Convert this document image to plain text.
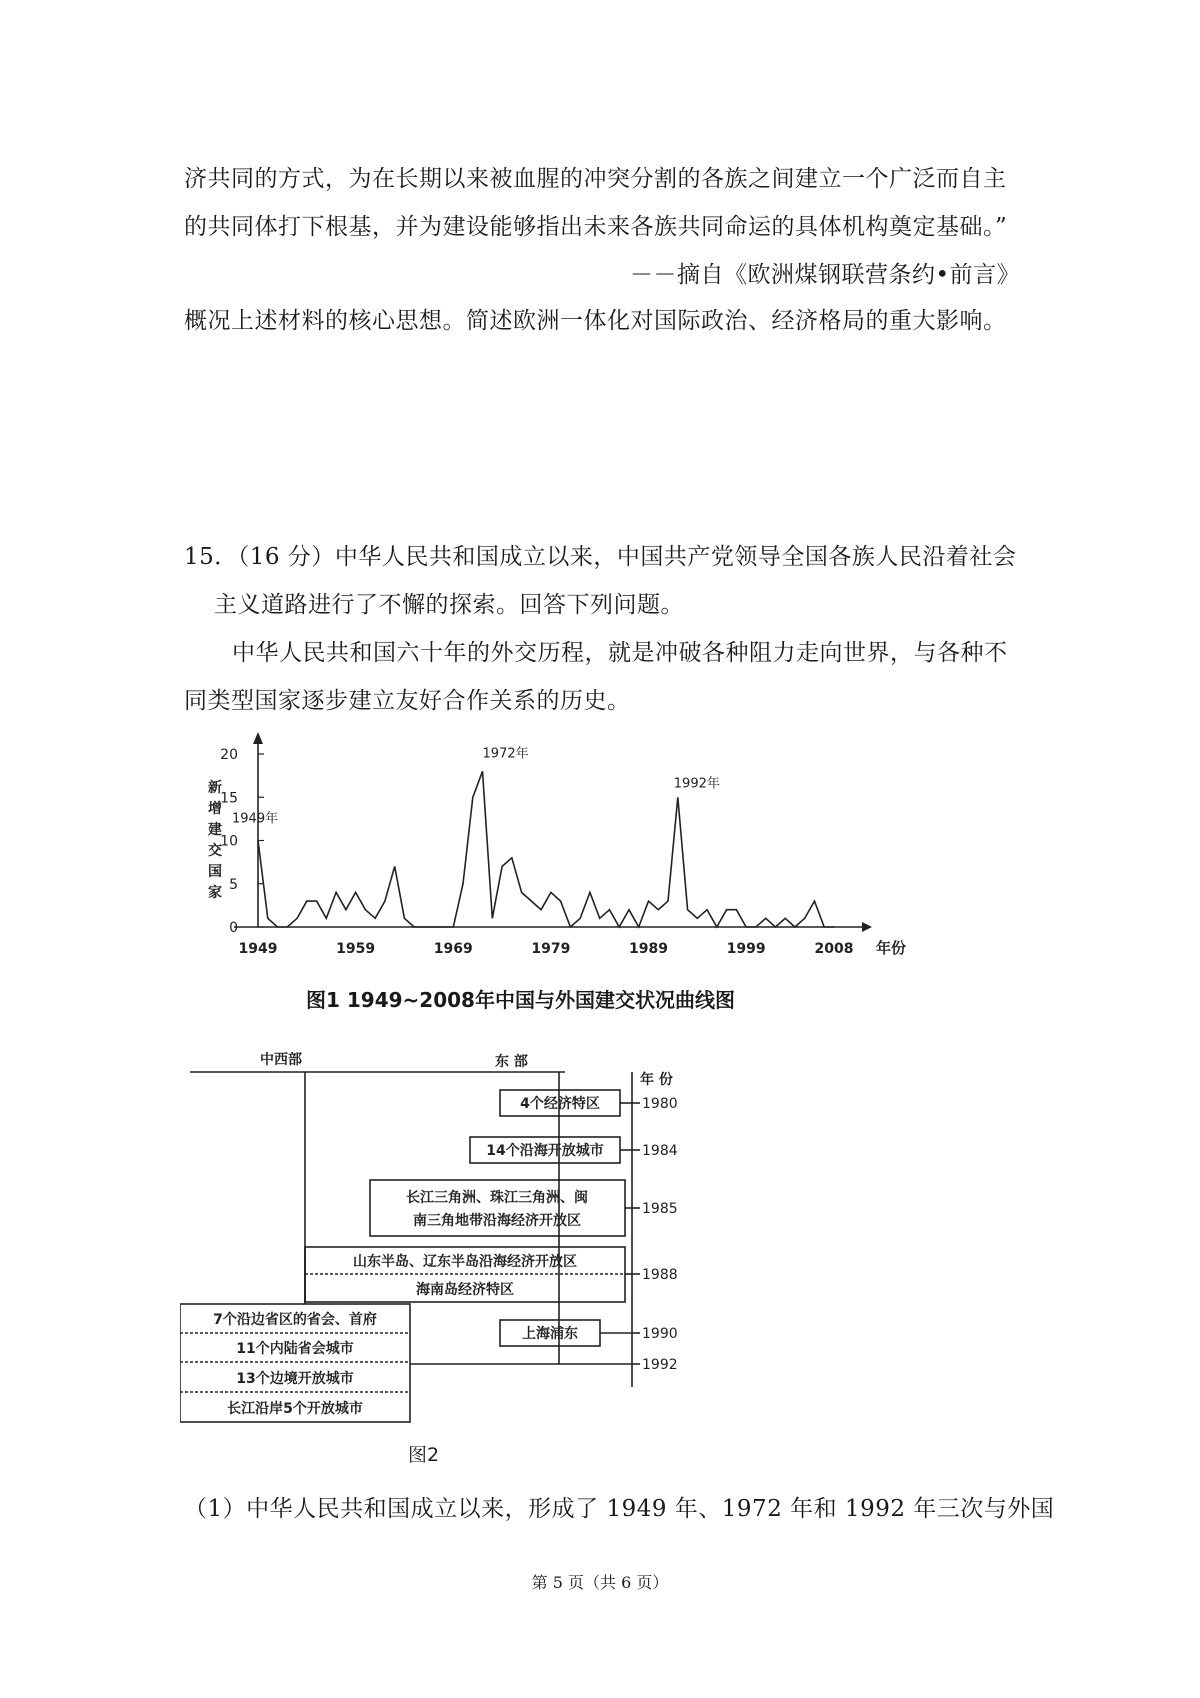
济共同的方式，为在长期以来被血腥的冲突分割的各族之间建立一个广泛而自主
的共同体打下根基，并为建设能够指出未来各族共同命运的具体机构奠定基础。”
－－摘自《欧洲煤钢联营条约•前言》
概况上述材料的核心思想。简述欧洲一体化对国际政治、经济格局的重大影响。
15．（16 分）中华人民共和国成立以来，中国共产党领导全国各族人民沿着社会
主义道路进行了不懈的探索。回答下列问题。
中华人民共和国六十年的外交历程，就是冲破各种阻力走向世界，与各种不
同类型国家逐步建立友好合作关系的历史。
0
5
10
15
20
1949	1959	1969	1979	1989	1999	2008 年份
新增建交国家
1949年
1972年
1992年
图1 1949~2008年中国与外国建交状况曲线图
中西部	东 部
年 份
4个经济特区
14个沿海开放城市
长江三角洲、珠江三角洲、闽
南三角地带沿海经济开放区
山东半岛、辽东半岛沿海经济开放区
海南岛经济特区
上海浦东
7个沿边省区的省会、首府
11个内陆省会城市
13个边境开放城市
长江沿岸5个开放城市
1980
1984
1985
1988
1990
1992
图2
（1）中华人民共和国成立以来，形成了 1949 年、1972 年和 1992 年三次与外国
第 5 页（共 6 页）
